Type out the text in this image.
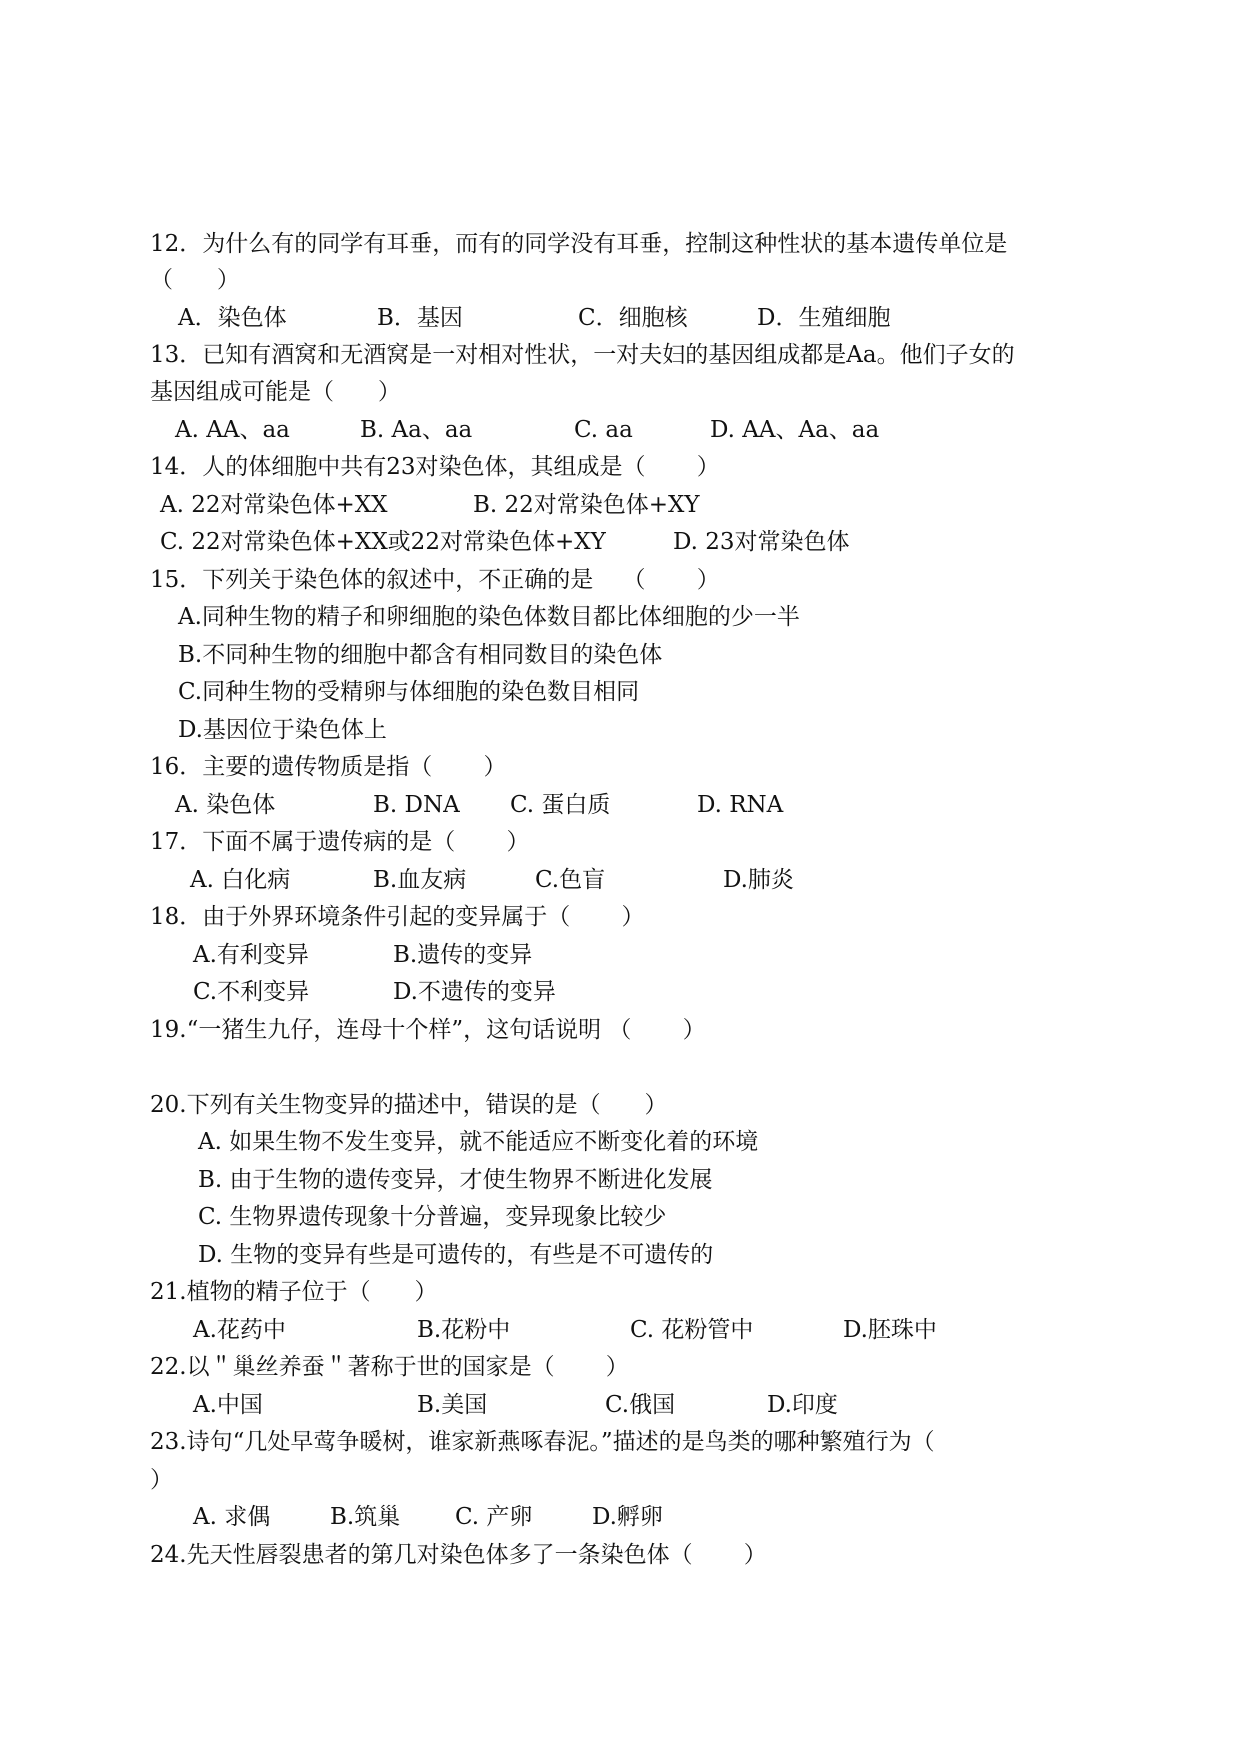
12．为什么有的同学有耳垂，而有的同学没有耳垂，控制这种性状的基本遗传单位是
（      ）
A．染色体	B．基因	C．细胞核	D．生殖细胞
13．已知有酒窝和无酒窝是一对相对性状，一对夫妇的基因组成都是Aa。他们子女的
基因组成可能是（      ）
A. AA、aa	B. Aa、aa	C. aa	D. AA、Aa、aa
14．人的体细胞中共有23对染色体，其组成是（       ）
A. 22对常染色体+XX	B. 22对常染色体+XY
C. 22对常染色体+XX或22对常染色体+XY	D. 23对常染色体
15．下列关于染色体的叙述中，不正确的是    （       ）
A.同种生物的精子和卵细胞的染色体数目都比体细胞的少一半
B.不同种生物的细胞中都含有相同数目的染色体
C.同种生物的受精卵与体细胞的染色数目相同
D.基因位于染色体上
16．主要的遗传物质是指（       ）
A. 染色体	B. DNA C. 蛋白质	D. RNA
17．下面不属于遗传病的是（       ）
A. 白化病	B.血友病	C.色盲	D.肺炎
18．由于外界环境条件引起的变异属于（       ）
A.有利变异	B.遗传的变异
C.不利变异	D.不遗传的变异
19.“一猪生九仔，连母十个样”，这句话说明 （       ）
20.下列有关生物变异的描述中，错误的是（      ）
A. 如果生物不发生变异，就不能适应不断变化着的环境
B. 由于生物的遗传变异，才使生物界不断进化发展
C. 生物界遗传现象十分普遍，变异现象比较少
D. 生物的变异有些是可遗传的，有些是不可遗传的
21.植物的精子位于（      ）
A.花药中	B.花粉中	C. 花粉管中	D.胚珠中
22.以＂巢丝养蚕＂著称于世的国家是（       ）
A.中国	B.美国	C.俄国	D.印度
23.诗句“几处早莺争暖树，谁家新燕啄春泥。”描述的是鸟类的哪种繁殖行为（
）
A. 求偶	B.筑巢 C. 产卵	D.孵卵
24.先天性唇裂患者的第几对染色体多了一条染色体（       ）
